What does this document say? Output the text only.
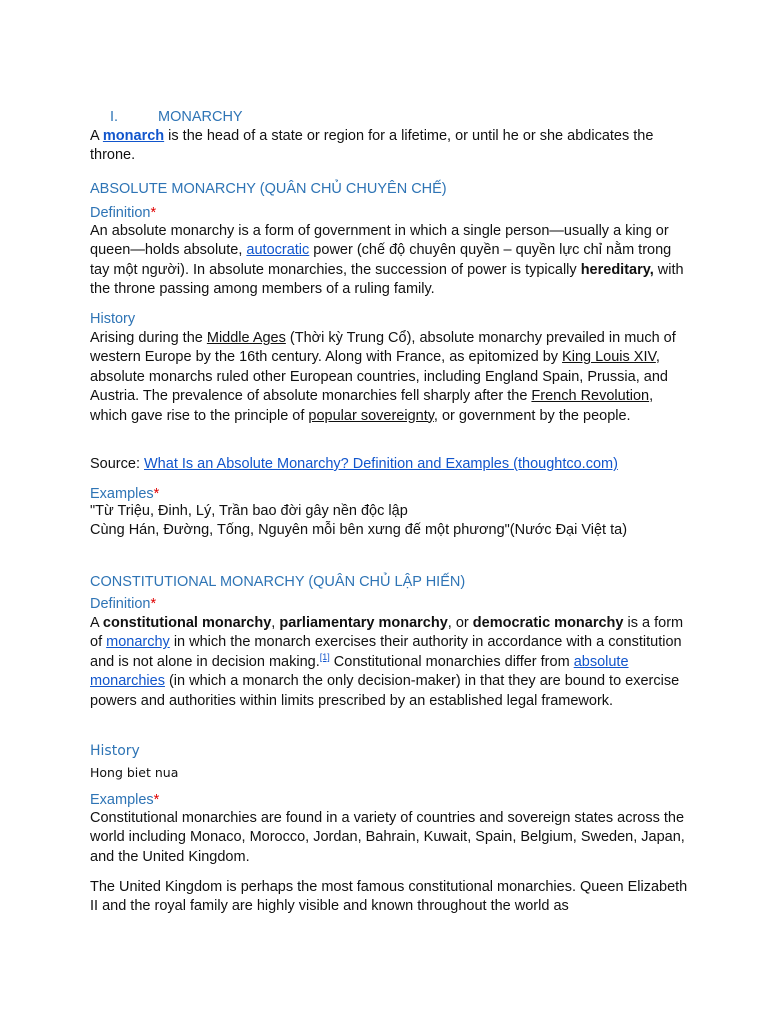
I.	MONARCHY
A monarch is the head of a state or region for a lifetime, or until he or she abdicates the throne.
ABSOLUTE MONARCHY (QUÂN CHỦ CHUYÊN CHẾ)
Definition*
An absolute monarchy is a form of government in which a single person—usually a king or queen—holds absolute, autocratic power (chế độ chuyên quyền – quyền lực chỉ nằm trong tay một người). In absolute monarchies, the succession of power is typically hereditary, with the throne passing among members of a ruling family.
History
Arising during the Middle Ages (Thời kỳ Trung Cổ), absolute monarchy prevailed in much of western Europe by the 16th century. Along with France, as epitomized by King Louis XIV, absolute monarchs ruled other European countries, including England Spain, Prussia, and Austria. The prevalence of absolute monarchies fell sharply after the French Revolution, which gave rise to the principle of popular sovereignty, or government by the people.
Source: What Is an Absolute Monarchy? Definition and Examples (thoughtco.com)
Examples*
"Từ Triệu, Đinh, Lý, Trần bao đời gây nền độc lập
Cùng Hán, Đường, Tống, Nguyên mỗi bên xưng đế một phương"(Nước Đại Việt ta)
CONSTITUTIONAL MONARCHY (QUÂN CHỦ LẬP HIẾN)
Definition*
A constitutional monarchy, parliamentary monarchy, or democratic monarchy is a form of monarchy in which the monarch exercises their authority in accordance with a constitution and is not alone in decision making.[1] Constitutional monarchies differ from absolute monarchies (in which a monarch the only decision-maker) in that they are bound to exercise powers and authorities within limits prescribed by an established legal framework.
History
Hong biet nua
Examples*
Constitutional monarchies are found in a variety of countries and sovereign states across the world including Monaco, Morocco, Jordan, Bahrain, Kuwait, Spain, Belgium, Sweden, Japan, and the United Kingdom.
The United Kingdom is perhaps the most famous constitutional monarchies. Queen Elizabeth II and the royal family are highly visible and known throughout the world as
